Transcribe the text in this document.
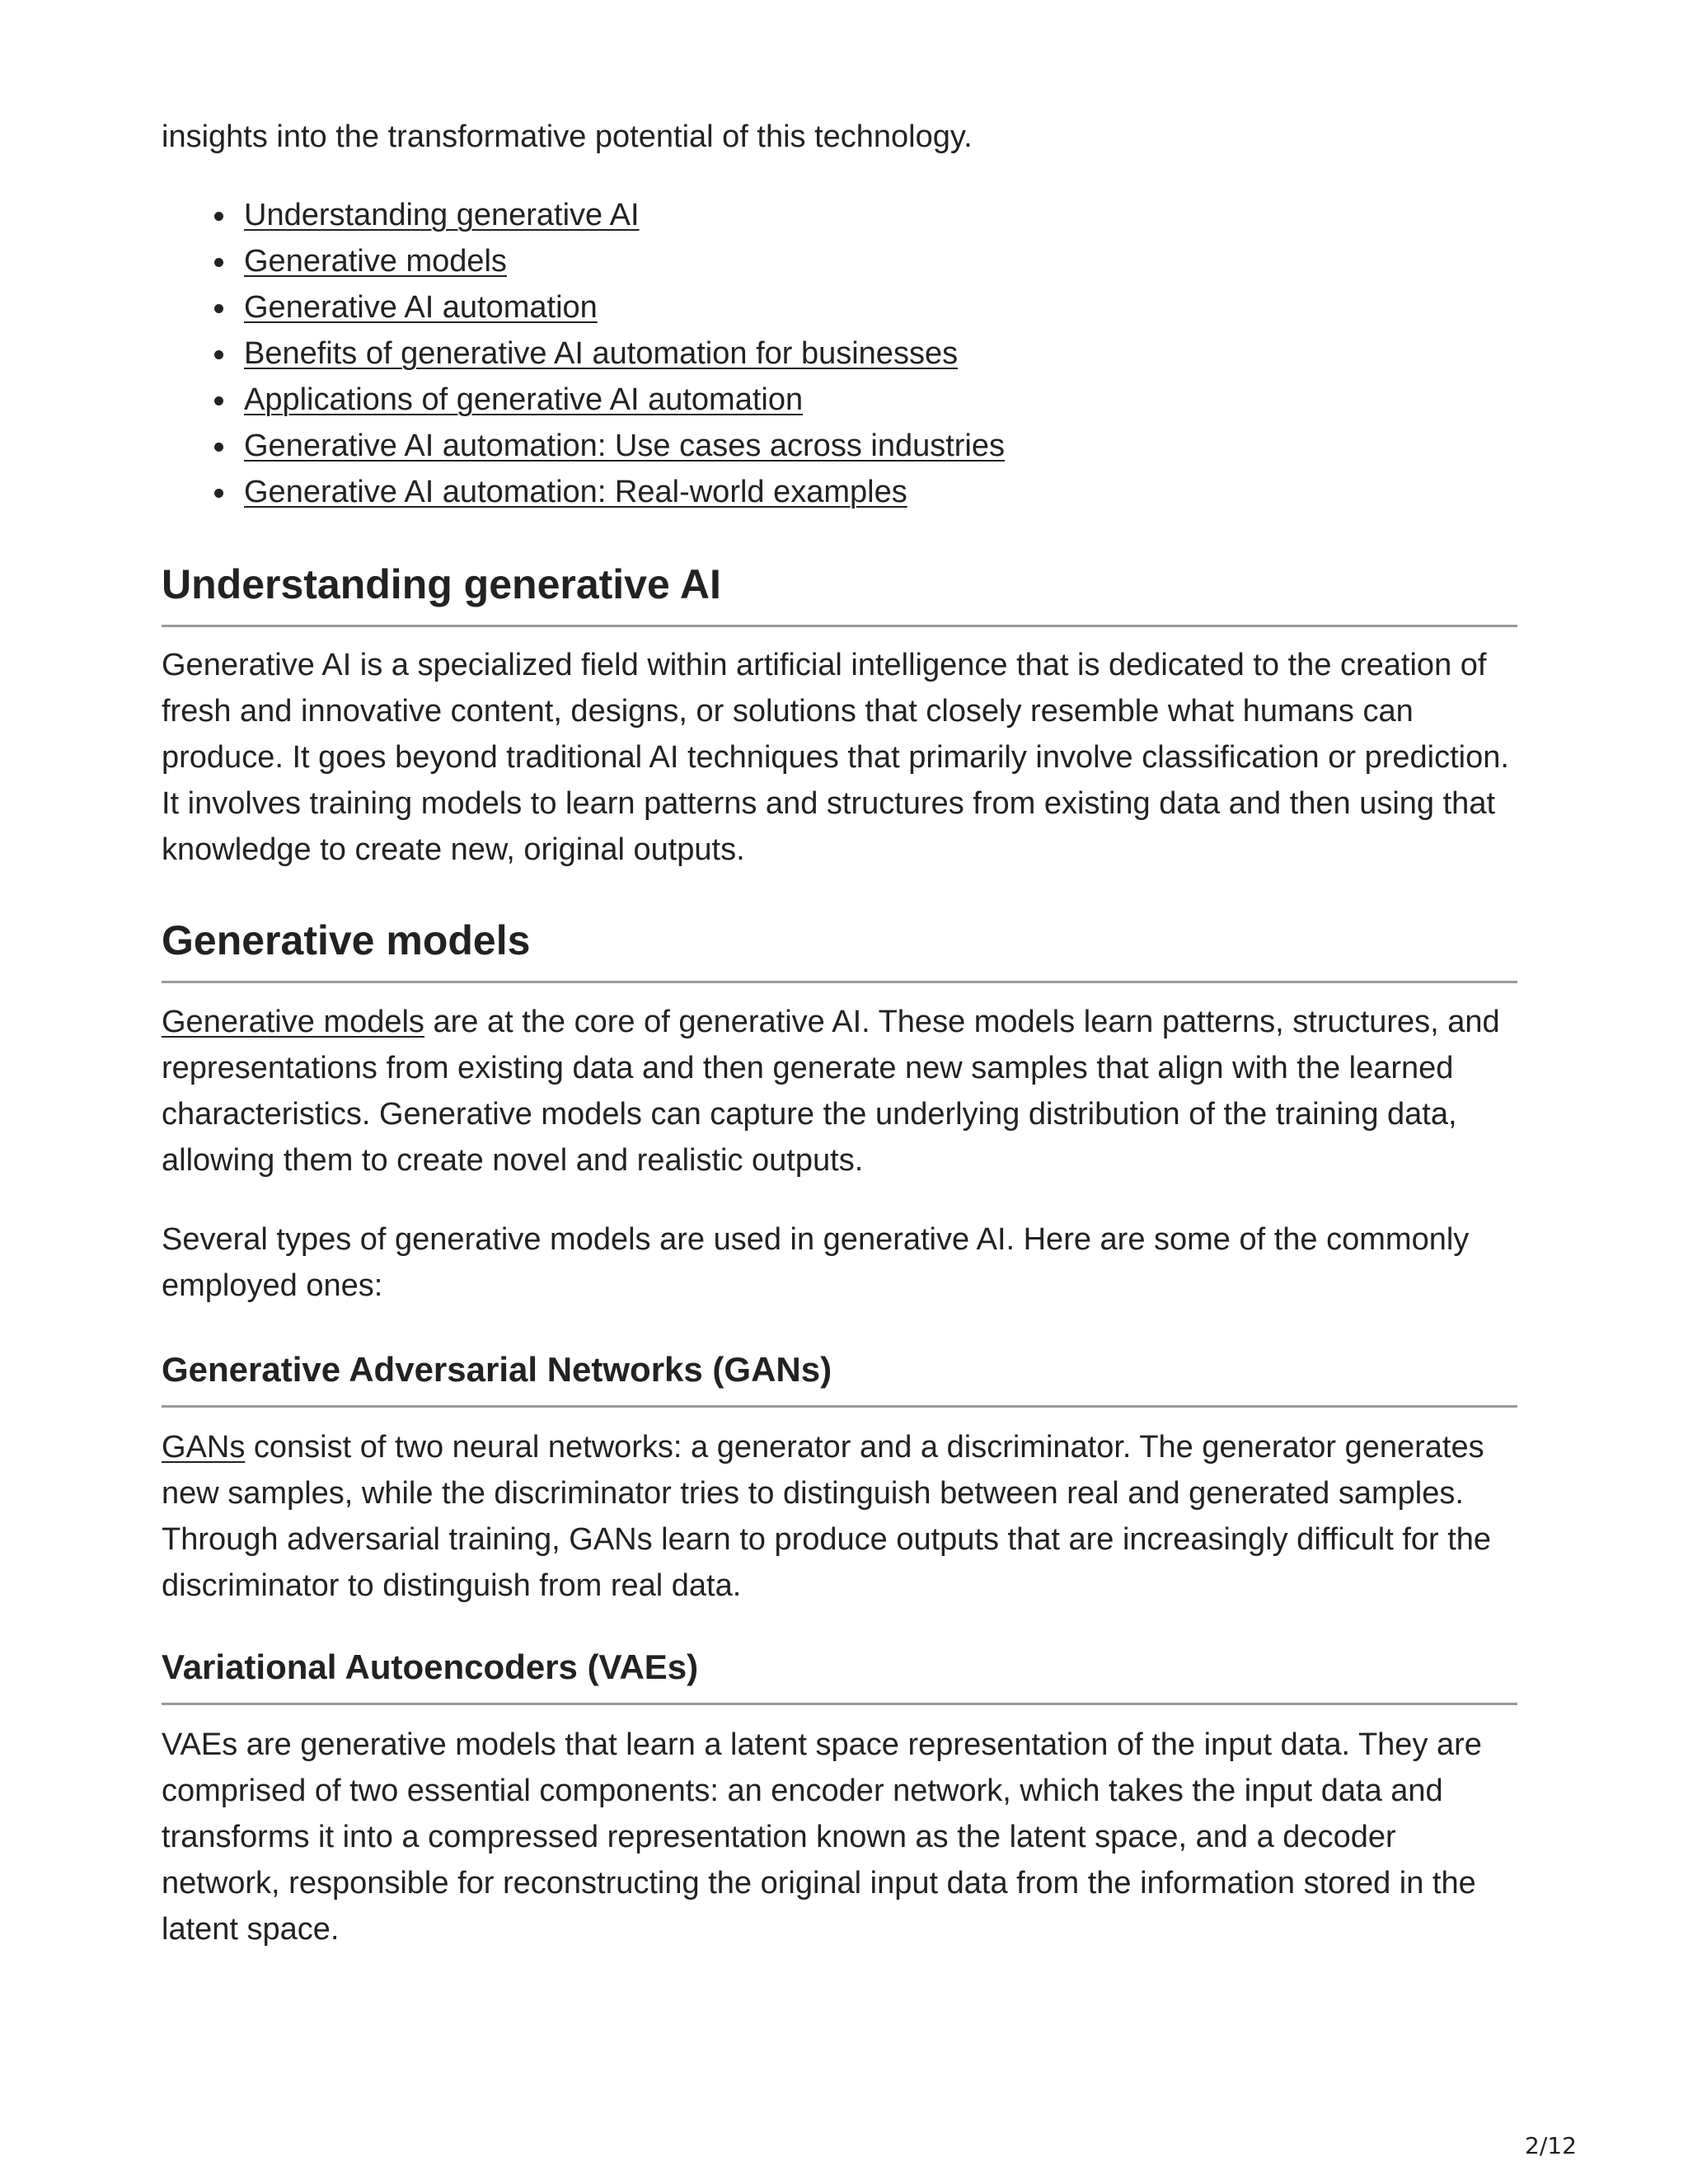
insights into the transformative potential of this technology.

Understanding generative AI
Generative models
Generative AI automation
Benefits of generative AI automation for businesses
Applications of generative AI automation
Generative AI automation: Use cases across industries
Generative AI automation: Real-world examples
Understanding generative AI

Generative AI is a specialized field within artificial intelligence that is dedicated to the creation of fresh and innovative content, designs, or solutions that closely resemble what humans can produce. It goes beyond traditional AI techniques that primarily involve classification or prediction. It involves training models to learn patterns and structures from existing data and then using that knowledge to create new, original outputs.

Generative models

Generative models are at the core of generative AI. These models learn patterns, structures, and representations from existing data and then generate new samples that align with the learned characteristics. Generative models can capture the underlying distribution of the training data, allowing them to create novel and realistic outputs.

Several types of generative models are used in generative AI. Here are some of the commonly employed ones:

Generative Adversarial Networks (GANs)

GANs consist of two neural networks: a generator and a discriminator. The generator generates new samples, while the discriminator tries to distinguish between real and generated samples. Through adversarial training, GANs learn to produce outputs that are increasingly difficult for the discriminator to distinguish from real data.

Variational Autoencoders (VAEs)

VAEs are generative models that learn a latent space representation of the input data. They are comprised of two essential components: an encoder network, which takes the input data and transforms it into a compressed representation known as the latent space, and a decoder network, responsible for reconstructing the original input data from the information stored in the latent space.

2/12
